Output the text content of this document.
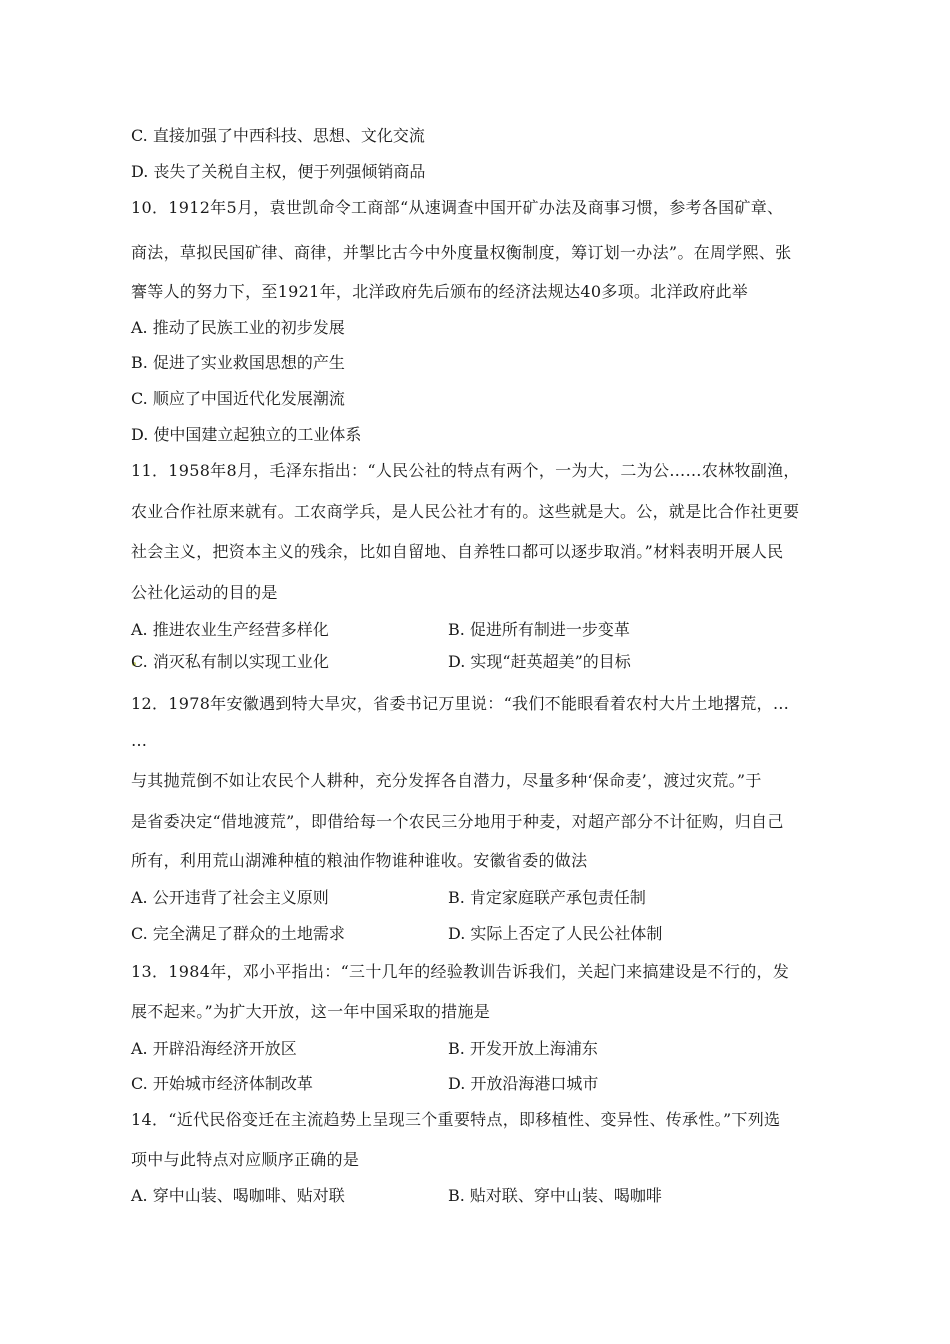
C. 直接加强了中西科技、思想、文化交流
D. 丧失了关税自主权，便于列强倾销商品
10．1912年5月，袁世凯命令工商部“从速调查中国开矿办法及商事习惯，参考各国矿章、
商法，草拟民国矿律、商律，并掣比古今中外度量权衡制度，筹订划一办法”。在周学熙、张
謇等人的努力下，至1921年，北洋政府先后颁布的经济法规达40多项。北洋政府此举
A. 推动了民族工业的初步发展
B. 促进了实业救国思想的产生
C. 顺应了中国近代化发展潮流
D. 使中国建立起独立的工业体系
11．1958年8月，毛泽东指出：“人民公社的特点有两个，一为大，二为公……农林牧副渔，
农业合作社原来就有。工农商学兵，是人民公社才有的。这些就是大。公，就是比合作社更要
社会主义，把资本主义的残余，比如自留地、自养牲口都可以逐步取消。”材料表明开展人民
公社化运动的目的是
A. 推进农业生产经营多样化	B. 促进所有制进一步变革
C. 消灭私有制以实现工业化	D. 实现“赶英超美”的目标
12．1978年安徽遇到特大旱灾，省委书记万里说：“我们不能眼看着农村大片土地撂荒，…
…
与其抛荒倒不如让农民个人耕种，充分发挥各自潜力，尽量多种‘保命麦’，渡过灾荒。”于
是省委决定“借地渡荒”，即借给每一个农民三分地用于种麦，对超产部分不计征购，归自己
所有，利用荒山湖滩种植的粮油作物谁种谁收。安徽省委的做法
A. 公开违背了社会主义原则	B. 肯定家庭联产承包责任制
C. 完全满足了群众的土地需求	D. 实际上否定了人民公社体制
13．1984年，邓小平指出：“三十几年的经验教训告诉我们，关起门来搞建设是不行的，发
展不起来。”为扩大开放，这一年中国采取的措施是
A. 开辟沿海经济开放区	B. 开发开放上海浦东
C. 开始城市经济体制改革	D. 开放沿海港口城市
14．“近代民俗变迁在主流趋势上呈现三个重要特点，即移植性、变异性、传承性。”下列选
项中与此特点对应顺序正确的是
A. 穿中山装、喝咖啡、贴对联	B. 贴对联、穿中山装、喝咖啡
